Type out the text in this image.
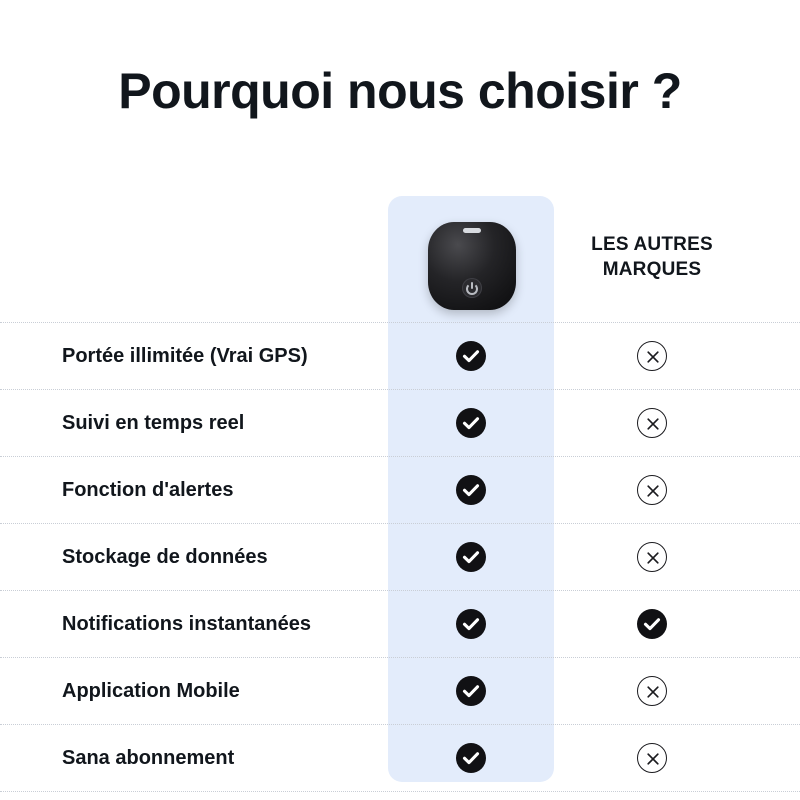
Pourquoi nous choisir ?
LES AUTRES MARQUES
Portée illimitée (Vrai GPS)
Suivi en temps reel
Fonction d'alertes
Stockage de données
Notifications instantanées
Application Mobile
Sana abonnement
